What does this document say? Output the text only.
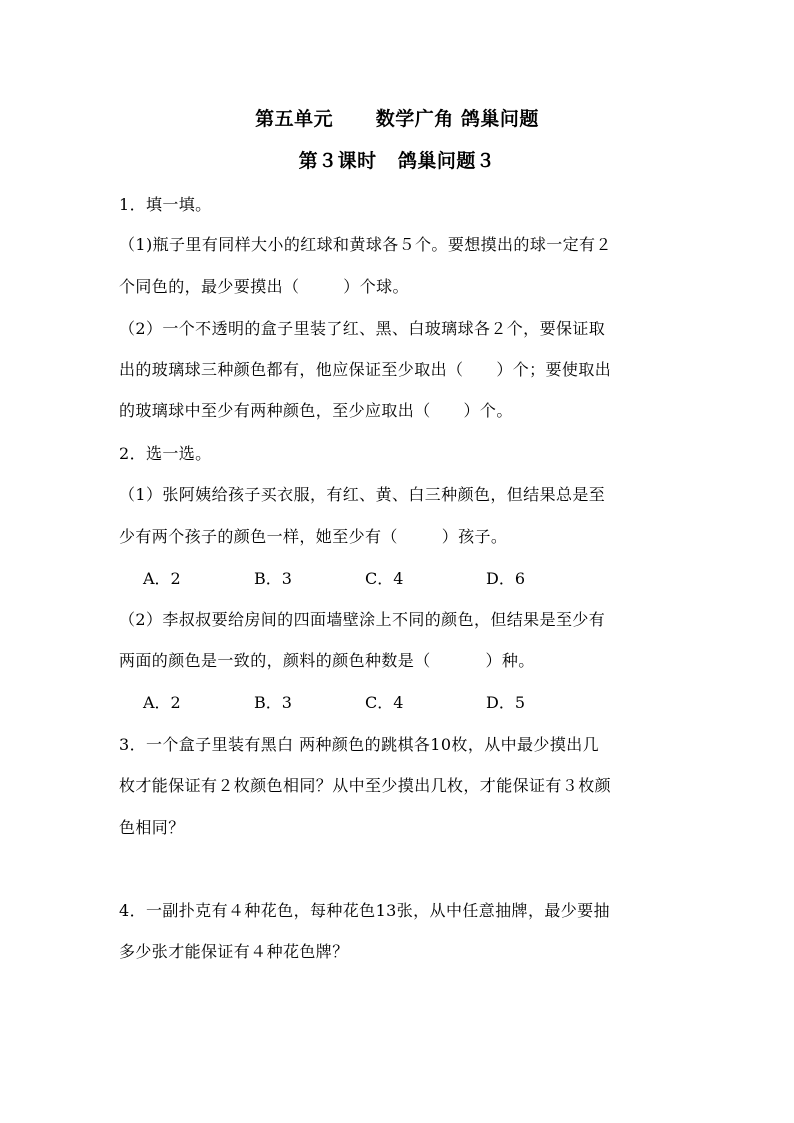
第五单元      数学广角 鸽巢问题
第３课时   鸽巢问题３
1．填一填。
（1)瓶子里有同样大小的红球和黄球各５个。要想摸出的球一定有２
个同色的，最少要摸出（        ）个球。
（2）一个不透明的盒子里装了红、黑、白玻璃球各２个，要保证取
出的玻璃球三种颜色都有，他应保证至少取出（      ）个；要使取出
的玻璃球中至少有两种颜色，至少应取出（      ）个。
2．选一选。
（1）张阿姨给孩子买衣服，有红、黄、白三种颜色，但结果总是至
少有两个孩子的颜色一样，她至少有（        ）孩子。
A．2	B．3	C．4	D．6
（2）李叔叔要给房间的四面墙壁涂上不同的颜色，但结果是至少有
两面的颜色是一致的，颜料的颜色种数是（          ）种。
A．2	B．3	C．4	D．5
3．一个盒子里装有黑白 两种颜色的跳棋各10枚，从中最少摸出几
枚才能保证有２枚颜色相同？从中至少摸出几枚，才能保证有３枚颜
色相同？
4．一副扑克有４种花色，每种花色13张，从中任意抽牌，最少要抽
多少张才能保证有４种花色牌？
